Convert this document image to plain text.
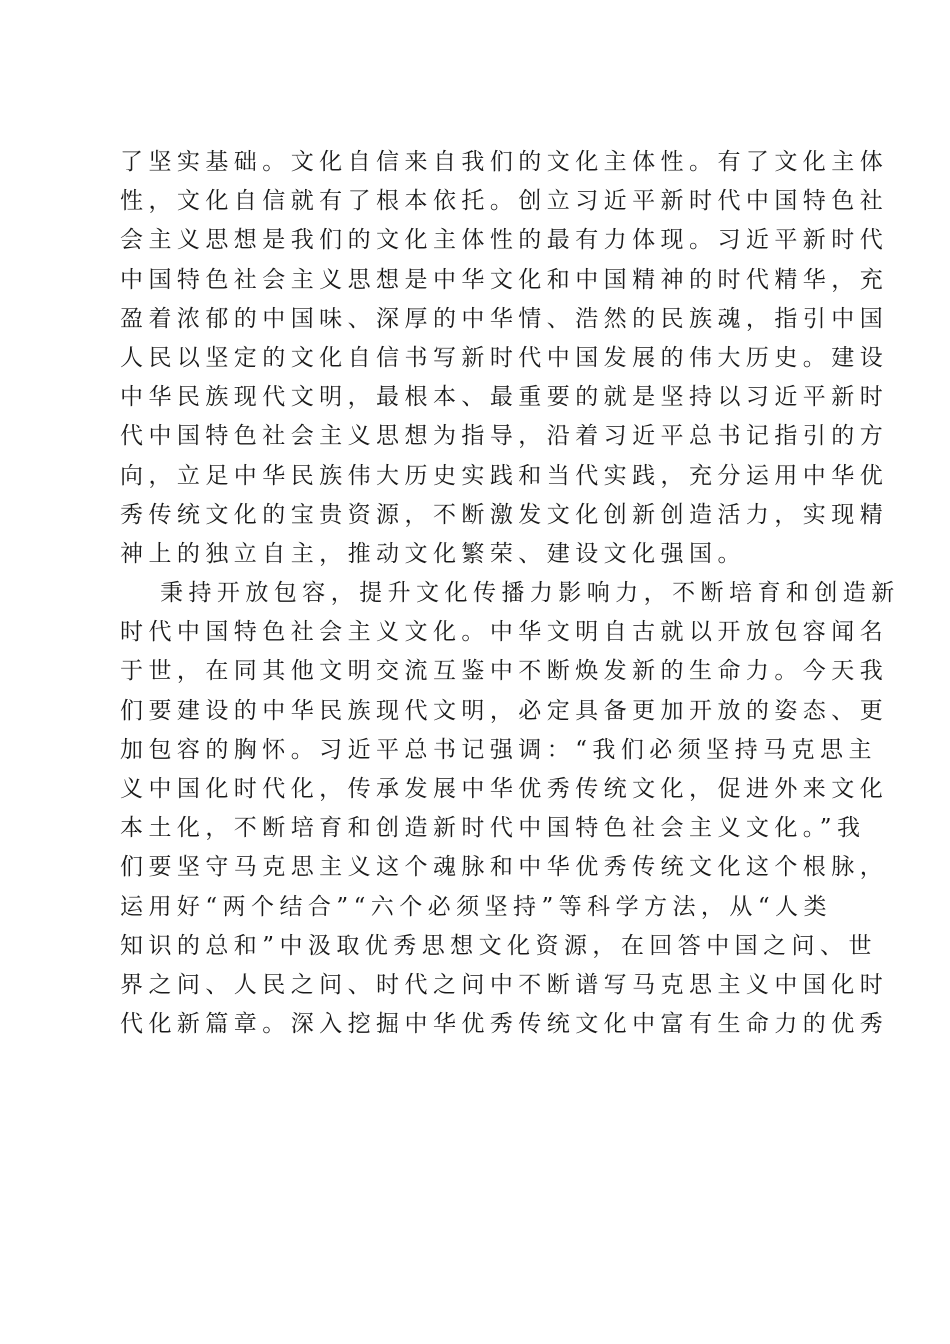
了坚实基础。文化自信来自我们的文化主体性。有了文化主体
性，文化自信就有了根本依托。创立习近平新时代中国特色社
会主义思想是我们的文化主体性的最有力体现。习近平新时代
中国特色社会主义思想是中华文化和中国精神的时代精华，充
盈着浓郁的中国味、深厚的中华情、浩然的民族魂，指引中国
人民以坚定的文化自信书写新时代中国发展的伟大历史。建设
中华民族现代文明，最根本、最重要的就是坚持以习近平新时
代中国特色社会主义思想为指导，沿着习近平总书记指引的方
向，立足中华民族伟大历史实践和当代实践，充分运用中华优
秀传统文化的宝贵资源，不断激发文化创新创造活力，实现精
神上的独立自主，推动文化繁荣、建设文化强国。
秉持开放包容，提升文化传播力影响力，不断培育和创造新
时代中国特色社会主义文化。中华文明自古就以开放包容闻名
于世，在同其他文明交流互鉴中不断焕发新的生命力。今天我
们要建设的中华民族现代文明，必定具备更加开放的姿态、更
加包容的胸怀。习近平总书记强调：“我们必须坚持马克思主
义中国化时代化，传承发展中华优秀传统文化，促进外来文化
本土化，不断培育和创造新时代中国特色社会主义文化。”我
们要坚守马克思主义这个魂脉和中华优秀传统文化这个根脉，
运用好“两个结合”“六个必须坚持”等科学方法，从“人类
知识的总和”中汲取优秀思想文化资源，在回答中国之问、世
界之问、人民之问、时代之问中不断谱写马克思主义中国化时
代化新篇章。深入挖掘中华优秀传统文化中富有生命力的优秀
